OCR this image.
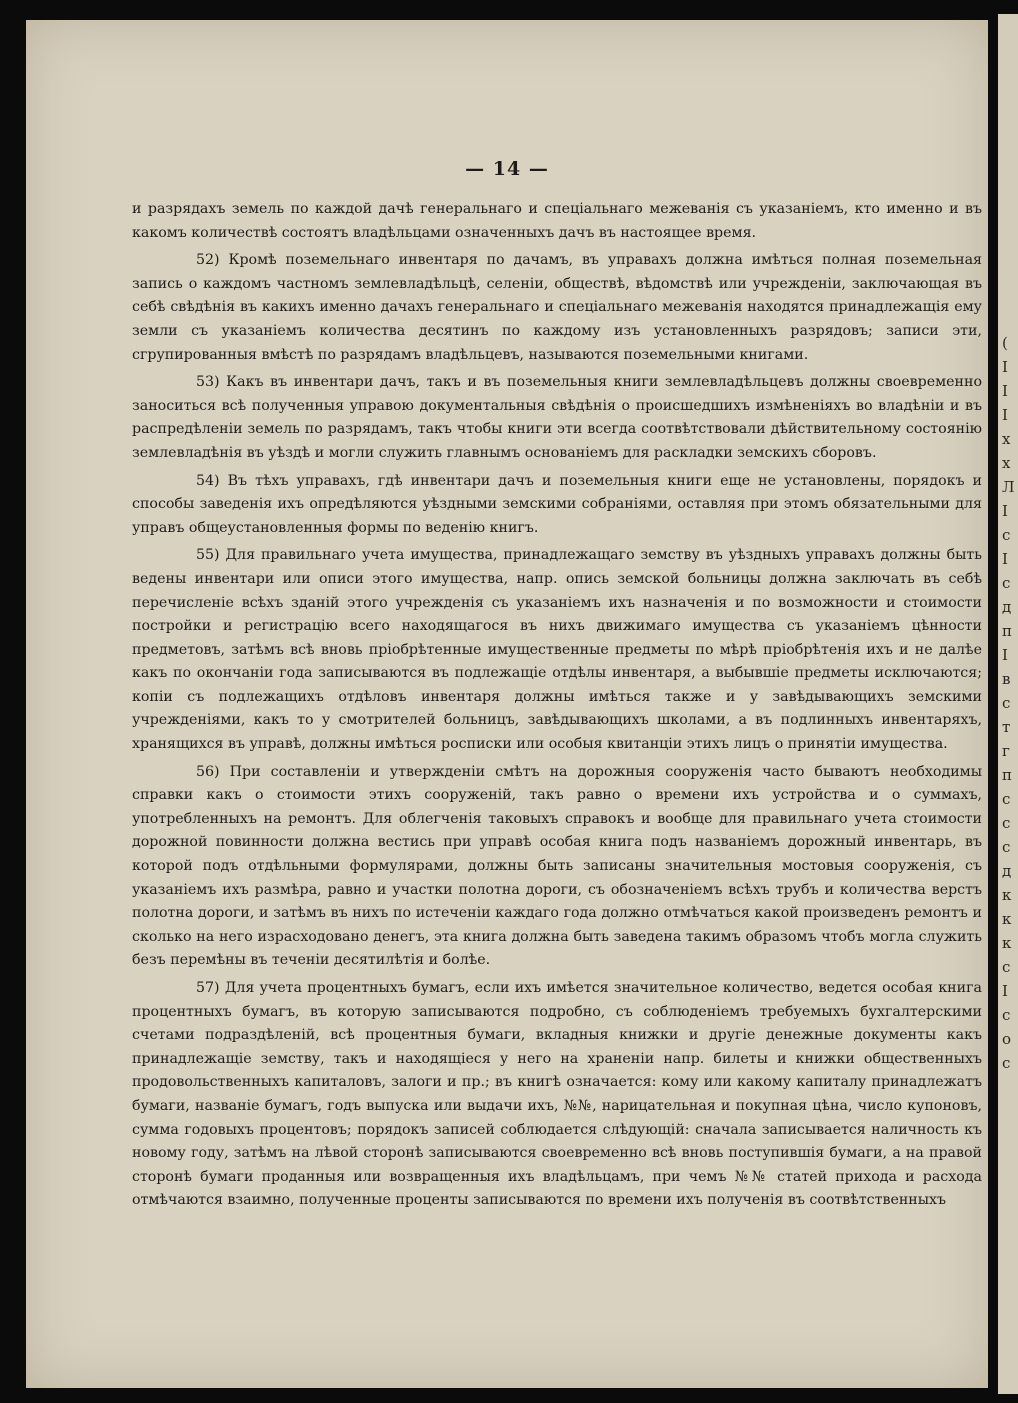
— 14 —

и разрядахъ земель по каждой дачѣ генеральнаго и спеціальнаго межеванія съ указаніемъ, кто именно и въ какомъ количествѣ состоятъ владѣльцами означенныхъ дачъ въ настоящее время.

52) Кромѣ поземельнаго инвентаря по дачамъ, въ управахъ должна имѣться полная поземельная запись о каждомъ частномъ землевладѣльцѣ, селеніи, обществѣ, вѣдомствѣ или учрежденіи, заключающая въ себѣ свѣдѣнія въ какихъ именно дачахъ генеральнаго и спеціальнаго межеванія находятся принадлежащія ему земли съ указаніемъ количества десятинъ по каждому изъ установленныхъ разрядовъ; записи эти, сгрупированныя вмѣстѣ по разрядамъ владѣльцевъ, называются поземельными книгами.

53) Какъ въ инвентари дачъ, такъ и въ поземельныя книги землевладѣльцевъ должны своевременно заноситься всѣ полученныя управою документальныя свѣдѣнія о происшедшихъ измѣненіяхъ во владѣніи и въ распредѣленіи земель по разрядамъ, такъ чтобы книги эти всегда соотвѣтствовали дѣйствительному состоянію землевладѣнія въ уѣздѣ и могли служить главнымъ основаніемъ для раскладки земскихъ сборовъ.

54) Въ тѣхъ управахъ, гдѣ инвентари дачъ и поземельныя книги еще не установлены, порядокъ и способы заведенія ихъ опредѣляются уѣздными земскими собраніями, оставляя при этомъ обязательными для управъ общеустановленныя формы по веденію книгъ.

55) Для правильнаго учета имущества, принадлежащаго земству въ уѣздныхъ управахъ должны быть ведены инвентари или описи этого имущества, напр. опись земской больницы должна заключать въ себѣ перечисленіе всѣхъ зданій этого учрежденія съ указаніемъ ихъ назначенія и по возможности и стоимости постройки и регистрацію всего находящагося въ нихъ движимаго имущества съ указаніемъ цѣнности предметовъ, затѣмъ всѣ вновь пріобрѣтенные имущественные предметы по мѣрѣ пріобрѣтенія ихъ и не далѣе какъ по окончаніи года записываются въ подлежащіе отдѣлы инвентаря, а выбывшіе предметы исключаются; копіи съ подлежащихъ отдѣловъ инвентаря должны имѣться также и у завѣдывающихъ земскими учрежденіями, какъ то у смотрителей больницъ, завѣдывающихъ школами, а въ подлинныхъ инвентаряхъ, хранящихся въ управѣ, должны имѣться росписки или особыя квитанціи этихъ лицъ о принятіи имущества.

56) При составленіи и утвержденіи смѣтъ на дорожныя сооруженія часто бываютъ необходимы справки какъ о стоимости этихъ сооруженій, такъ равно о времени ихъ устройства и о суммахъ, употребленныхъ на ремонтъ. Для облегченія таковыхъ справокъ и вообще для правильнаго учета стоимости дорожной повинности должна вестись при управѣ особая книга подъ названіемъ дорожный инвентарь, въ которой подъ отдѣльными формулярами, должны быть записаны значительныя мостовыя сооруженія, съ указаніемъ ихъ размѣра, равно и участки полотна дороги, съ обозначеніемъ всѣхъ трубъ и количества верстъ полотна дороги, и затѣмъ въ нихъ по истеченіи каждаго года должно отмѣчаться какой произведенъ ремонтъ и сколько на него израсходовано денегъ, эта книга должна быть заведена такимъ образомъ чтобъ могла служить безъ перемѣны въ теченіи десятилѣтія и болѣе.

57) Для учета процентныхъ бумагъ, если ихъ имѣется значительное количество, ведется особая книга процентныхъ бумагъ, въ которую записываются подробно, съ соблюденіемъ требуемыхъ бухгалтерскими счетами подраздѣленій, всѣ процентныя бумаги, вкладныя книжки и другіе денежные документы какъ принадлежащіе земству, такъ и находящіеся у него на храненіи напр. билеты и книжки общественныхъ продовольственныхъ капиталовъ, залоги и пр.; въ книгѣ означается: кому или какому капиталу принадлежатъ бумаги, названіе бумагъ, годъ выпуска или выдачи ихъ, №№, нарицательная и покупная цѣна, число купоновъ, сумма годовыхъ процентовъ; порядокъ записей соблюдается слѣдующій: сначала записывается наличность къ новому году, затѣмъ на лѣвой сторонѣ записываются своевременно всѣ вновь поступившія бумаги, а на правой сторонѣ бумаги проданныя или возвращенныя ихъ владѣльцамъ, при чемъ №№ статей прихода и расхода отмѣчаются взаимно, полученные проценты записываются по времени ихъ полученія въ соотвѣтственныхъ

(
I
I
I
х
x
Л
I
с
I
с
д
п
I
в
с
т
г
п
с
с
с
д
к
к
к
с
I
с
о
с
